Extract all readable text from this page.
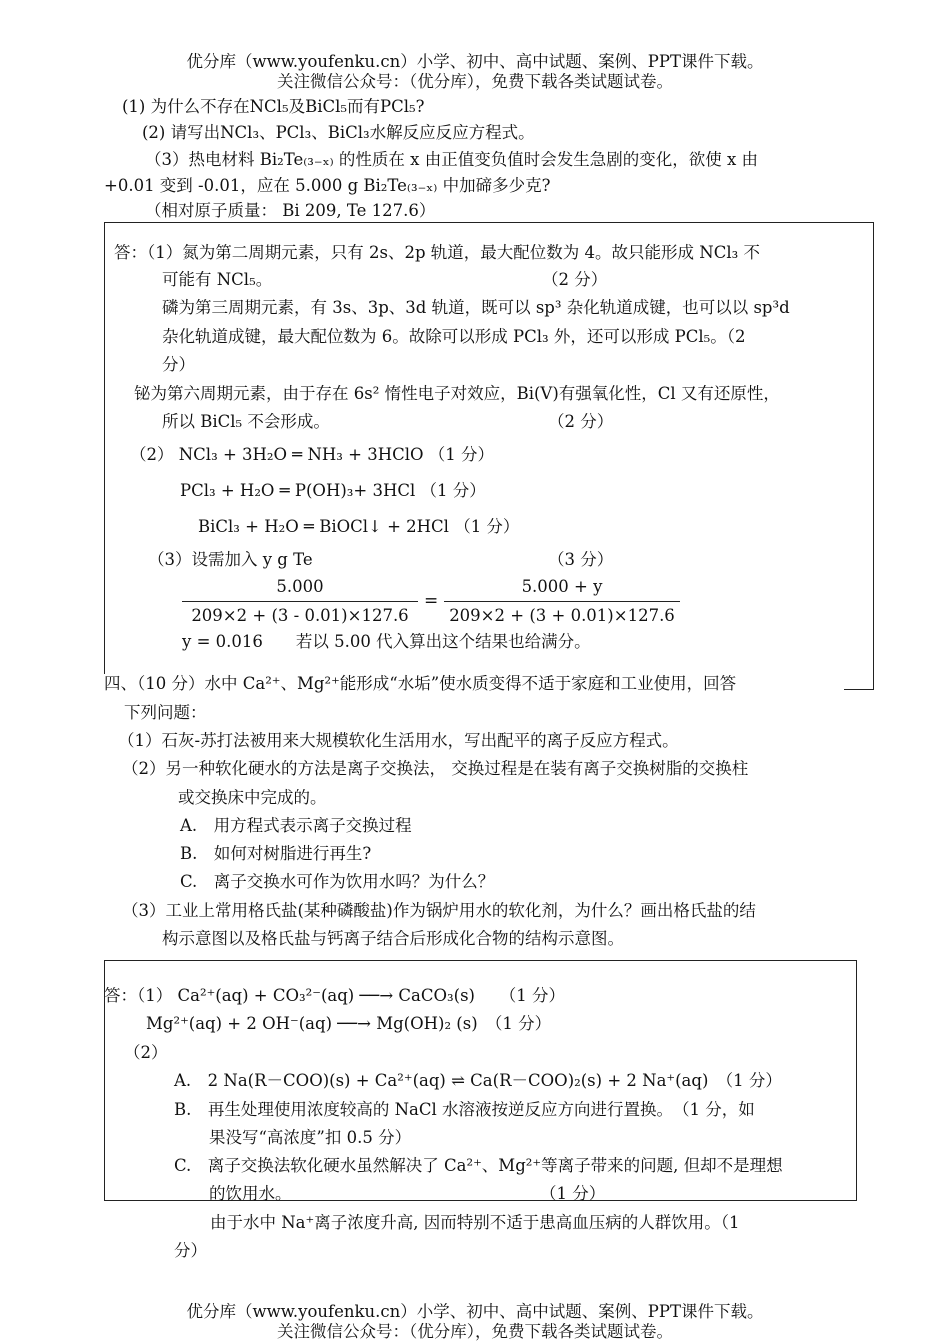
优分库（www.youfenku.cn）小学、初中、高中试题、案例、PPT课件下载。
关注微信公众号：（优分库），免费下载各类试题试卷。
(1) 为什么不存在NCl₅及BiCl₅而有PCl₅?
(2) 请写出NCl₃、PCl₃、BiCl₃水解反应反应方程式。
（3）热电材料 Bi₂Te₍₃₋ₓ₎ 的性质在 x 由正值变负值时会发生急剧的变化，欲使 x 由
+0.01 变到 -0.01，应在 5.000 g Bi₂Te₍₃₋ₓ₎ 中加碲多少克?
（相对原子质量： Bi 209, Te 127.6）
答：（1）氮为第二周期元素，只有 2s、2p 轨道，最大配位数为 4。故只能形成 NCl₃ 不
可能有 NCl₅。	（2 分）
磷为第三周期元素，有 3s、3p、3d 轨道，既可以 sp³ 杂化轨道成键，也可以以 sp³d
杂化轨道成键，最大配位数为 6。故除可以形成 PCl₃ 外，还可以形成 PCl₅。（2
分）
铋为第六周期元素，由于存在 6s² 惰性电子对效应，Bi(V)有强氧化性，Cl 又有还原性，
所以 BiCl₅ 不会形成。	（2 分）
（2） NCl₃ + 3H₂O ═ NH₃ + 3HClO （1 分）
PCl₃ + H₂O ═ P(OH)₃+ 3HCl （1 分）
BiCl₃ + H₂O ═ BiOCl↓ + 2HCl （1 分）
（3）设需加入 y g Te	（3 分）
5.000
209×2 + (3 - 0.01)×127.6
=
5.000 + y
209×2 + (3 + 0.01)×127.6
y = 0.016　　若以 5.00 代入算出这个结果也给满分。
四、（10 分）水中 Ca²⁺、Mg²⁺能形成“水垢”使水质变得不适于家庭和工业使用，回答
下列问题：
（1）石灰-苏打法被用来大规模软化生活用水，写出配平的离子反应方程式。
（2）另一种软化硬水的方法是离子交换法， 交换过程是在装有离子交换树脂的交换柱
或交换床中完成的。
A.　用方程式表示离子交换过程
B.　如何对树脂进行再生?
C.　离子交换水可作为饮用水吗？为什么？
（3）工业上常用格氏盐(某种磷酸盐)作为锅炉用水的软化剂，为什么？画出格氏盐的结
构示意图以及格氏盐与钙离子结合后形成化合物的结构示意图。
答：（1） Ca²⁺(aq) + CO₃²⁻(aq) ──→ CaCO₃(s)　　（1 分）
Mg²⁺(aq) + 2 OH⁻(aq) ──→ Mg(OH)₂ (s)　（1 分）
（2）
A.　2 Na(R－COO)(s) + Ca²⁺(aq) ⇌ Ca(R－COO)₂(s) + 2 Na⁺(aq)　（1 分）
B.　再生处理使用浓度较高的 NaCl 水溶液按逆反应方向进行置换。　（1 分，如
果没写“高浓度”扣 0.5 分）
C.　离子交换法软化硬水虽然解决了 Ca²⁺、Mg²⁺等离子带来的问题, 但却不是理想
的饮用水。	（1 分）
由于水中 Na⁺离子浓度升高, 因而特别不适于患高血压病的人群饮用。（1
分）
优分库（www.youfenku.cn）小学、初中、高中试题、案例、PPT课件下载。
关注微信公众号：（优分库），免费下载各类试题试卷。
